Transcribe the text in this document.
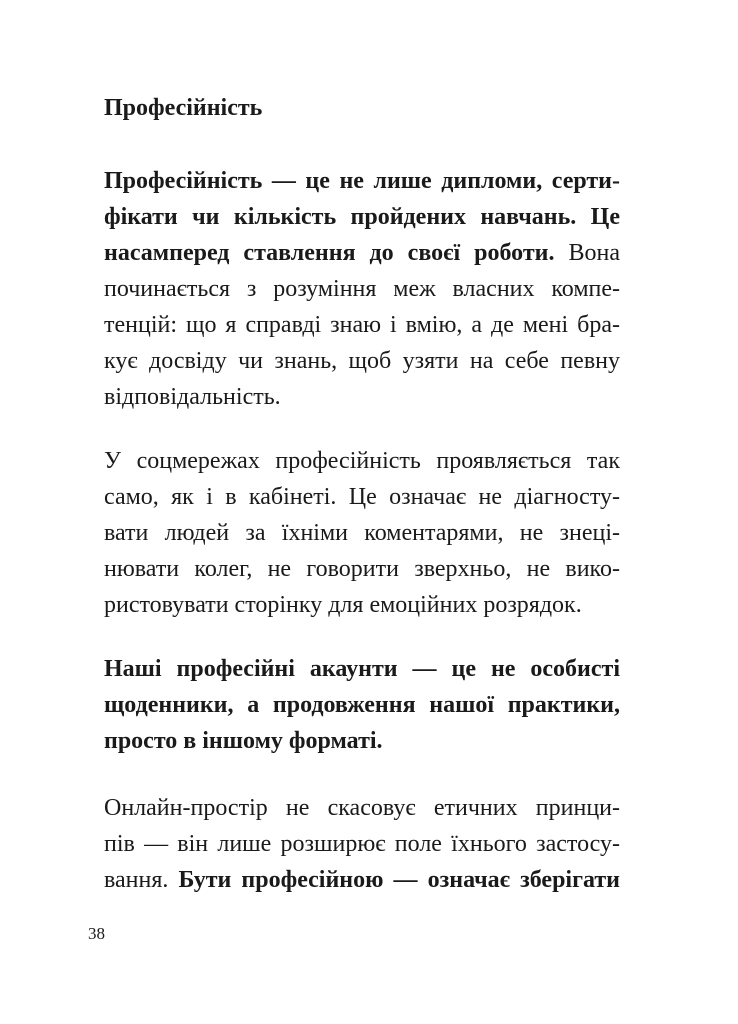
Професійність
Професійність — це не лише дипломи, серти-
фікати чи кількість пройдених навчань. Це
насамперед ставлення до своєї роботи. Вона
починається з розуміння меж власних компе-
тенцій: що я справді знаю і вмію, а де мені бра-
кує досвіду чи знань, щоб узяти на себе певну
відповідальність.
У соцмережах професійність проявляється так
само, як і в кабінеті. Це означає не діагносту-
вати людей за їхніми коментарями, не знеці-
нювати колег, не говорити зверхньо, не вико-
ристовувати сторінку для емоційних розрядок.
Наші професійні акаунти — це не особисті
щоденники, а продовження нашої практики,
просто в іншому форматі.
Онлайн-простір не скасовує етичних принци-
пів — він лише розширює поле їхнього застосу-
вання. Бути професійною — означає зберігати
38
